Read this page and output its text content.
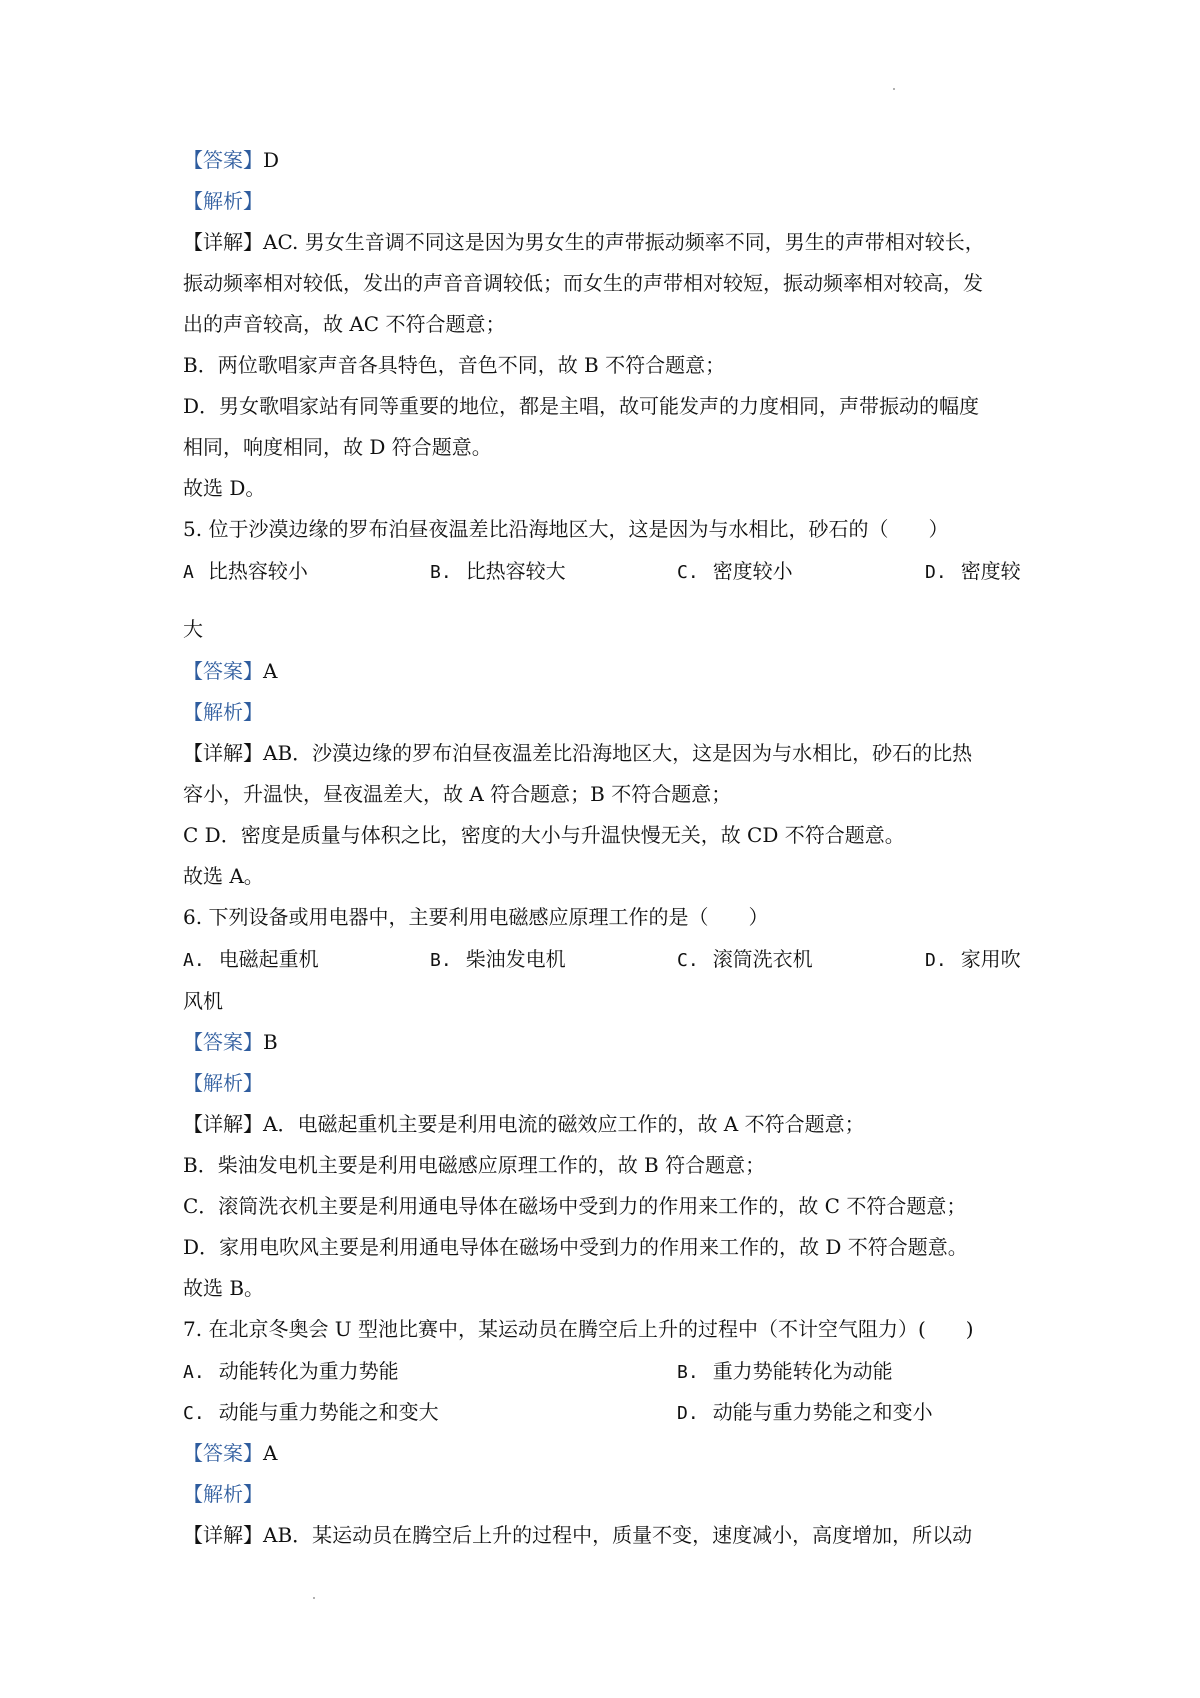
【答案】D
【解析】
【详解】AC. 男女生音调不同这是因为男女生的声带振动频率不同，男生的声带相对较长，
振动频率相对较低，发出的声音音调较低；而女生的声带相对较短，振动频率相对较高，发
出的声音较高，故 AC 不符合题意；
B．两位歌唱家声音各具特色，音色不同，故 B 不符合题意；
D．男女歌唱家站有同等重要的地位，都是主唱，故可能发声的力度相同，声带振动的幅度
相同，响度相同，故 D 符合题意。
故选 D。
5. 位于沙漠边缘的罗布泊昼夜温差比沿海地区大，这是因为与水相比，砂石的（　　）
A 比热容较小	B. 比热容较大	C. 密度较小	D. 密度较
大
【答案】A
【解析】
【详解】AB．沙漠边缘的罗布泊昼夜温差比沿海地区大，这是因为与水相比，砂石的比热
容小，升温快，昼夜温差大，故 A 符合题意；B 不符合题意；
C D．密度是质量与体积之比，密度的大小与升温快慢无关，故 CD 不符合题意。
故选 A。
6. 下列设备或用电器中，主要利用电磁感应原理工作的是（　　）
A. 电磁起重机	B. 柴油发电机	C. 滚筒洗衣机	D. 家用吹
风机
【答案】B
【解析】
【详解】A．电磁起重机主要是利用电流的磁效应工作的，故 A 不符合题意；
B．柴油发电机主要是利用电磁感应原理工作的，故 B 符合题意；
C．滚筒洗衣机主要是利用通电导体在磁场中受到力的作用来工作的，故 C 不符合题意；
D．家用电吹风主要是利用通电导体在磁场中受到力的作用来工作的，故 D 不符合题意。
故选 B。
7. 在北京冬奥会 U 型池比赛中，某运动员在腾空后上升的过程中（不计空气阻力）(　　)
A. 动能转化为重力势能	B. 重力势能转化为动能
C. 动能与重力势能之和变大	D. 动能与重力势能之和变小
【答案】A
【解析】
【详解】AB．某运动员在腾空后上升的过程中，质量不变，速度减小，高度增加，所以动
